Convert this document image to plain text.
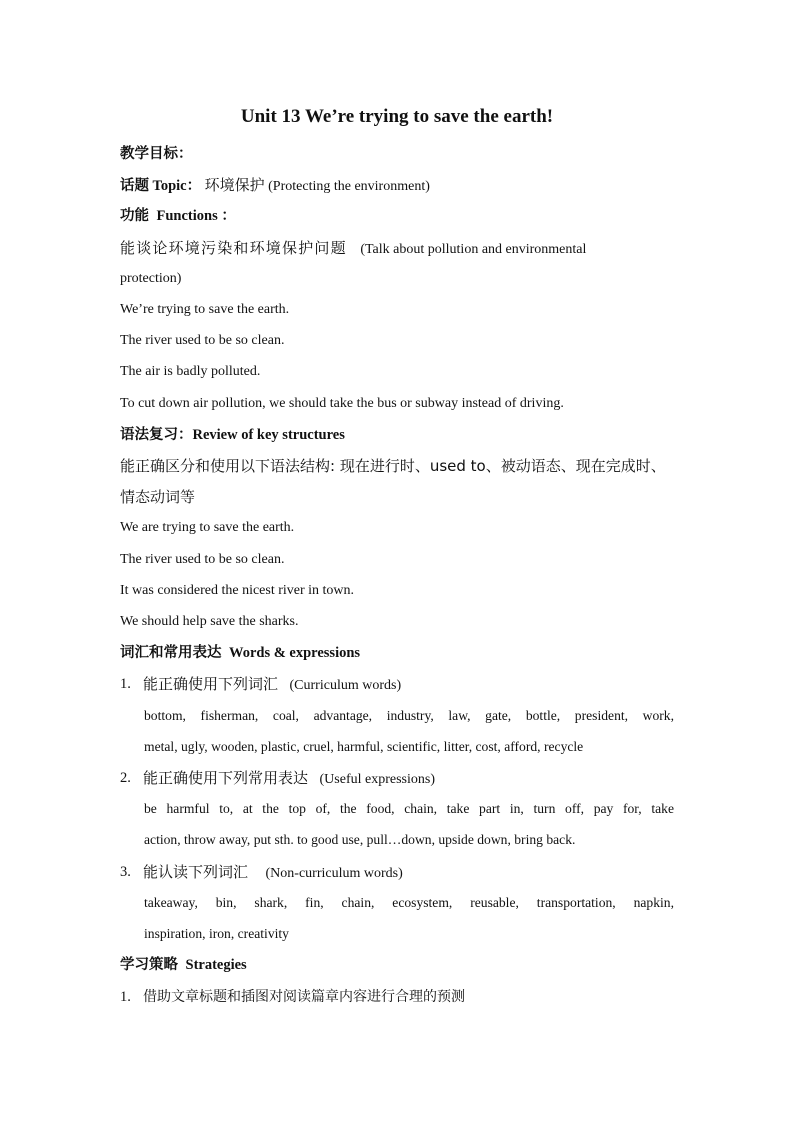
Unit 13 We’re trying to save the earth!
教学目标：
话题 Topic： 环境保护 (Protecting the environment)
功能 Functions ：
能谈论环境污染和环境保护问题 (Talk about pollution and environmental
protection)
We’re trying to save the earth.
The river used to be so clean.
The air is badly polluted.
To cut down air pollution, we should take the bus or subway instead of driving.
语法复习：Review of key structures
能正确区分和使用以下语法结构: 现在进行时、used to、被动语态、现在完成时、
情态动词等
We are trying to save the earth.
The river used to be so clean.
It was considered the nicest river in town.
We should help save the sharks.
词汇和常用表达 Words & expressions
1. 能正确使用下列词汇 (Curriculum words)
bottom, fisherman, coal, advantage, industry, law, gate, bottle, president, work,
metal, ugly, wooden, plastic, cruel, harmful, scientific, litter, cost, afford, recycle
2. 能正确使用下列常用表达 (Useful expressions)
be harmful to, at the top of, the food, chain, take part in, turn off, pay for, take
action, throw away, put sth. to good use, pull…down, upside down, bring back.
3. 能认读下列词汇 (Non-curriculum words)
takeaway, bin, shark, fin, chain, ecosystem, reusable, transportation, napkin,
inspiration, iron, creativity
学习策略 Strategies
1. 借助文章标题和插图对阅读篇章内容进行合理的预测
